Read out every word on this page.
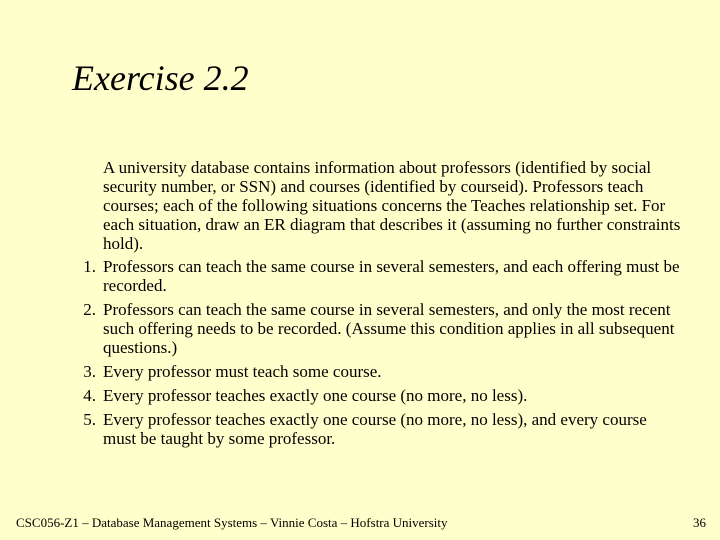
Exercise 2.2

A university database contains information about professors (identified by social security number, or SSN) and courses (identified by courseid). Professors teach courses; each of the following situations concerns the Teaches relationship set. For each situation, draw an ER diagram that describes it (assuming no further constraints hold).

1. Professors can teach the same course in several semesters, and each offering must be recorded.
2. Professors can teach the same course in several semesters, and only the most recent such offering needs to be recorded. (Assume this condition applies in all subsequent questions.)
3. Every professor must teach some course.
4. Every professor teaches exactly one course (no more, no less).
5. Every professor teaches exactly one course (no more, no less), and every course must be taught by some professor.
CSC056-Z1 – Database Management Systems – Vinnie Costa – Hofstra University	36
